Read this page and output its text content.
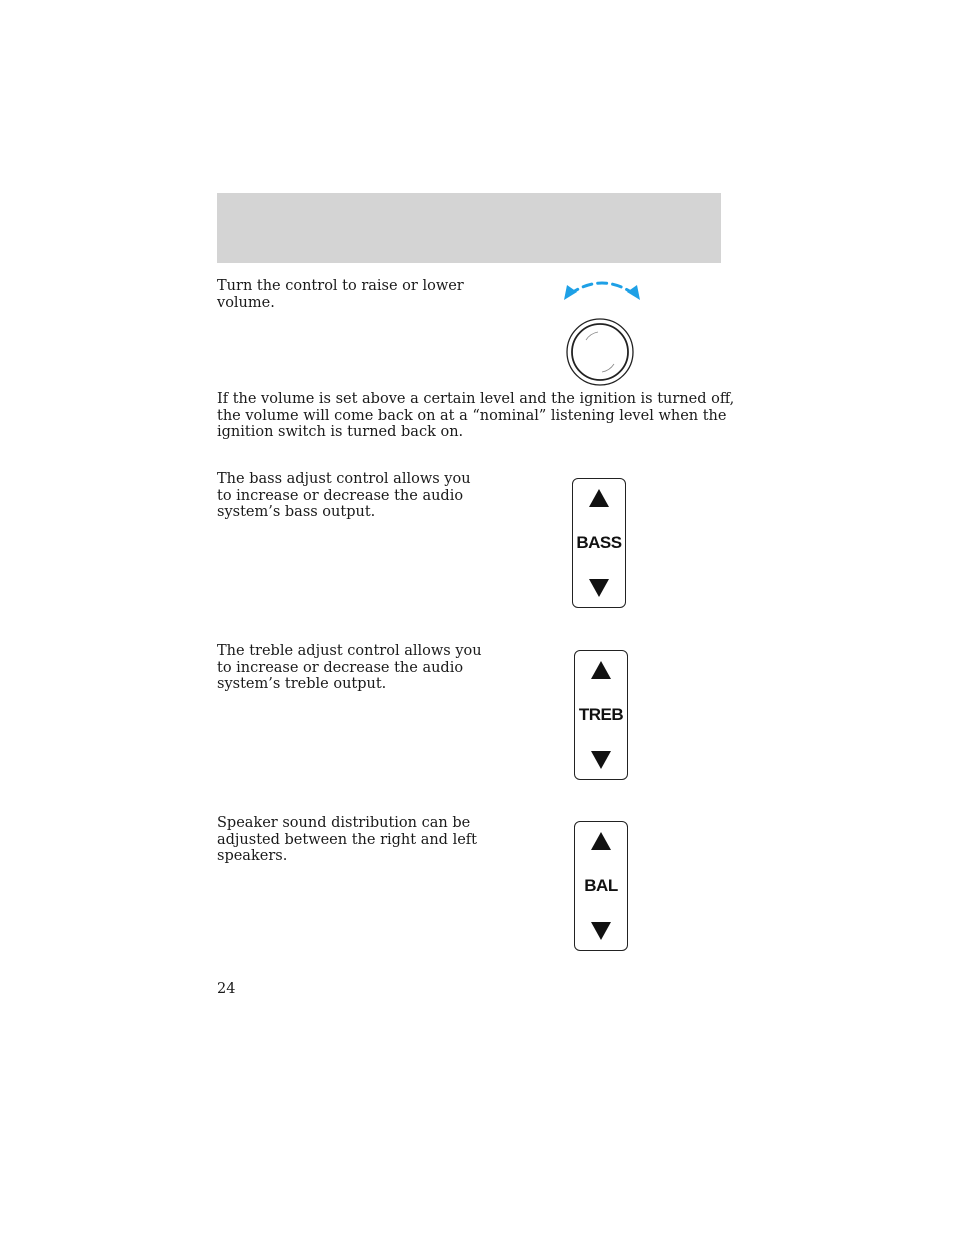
Turn the control to raise or lower
volume.

If the volume is set above a certain level and the ignition is turned off,
the volume will come back on at a “nominal” listening level when the
ignition switch is turned back on.

The bass adjust control allows you
to increase or decrease the audio
system’s bass output.

BASS

The treble adjust control allows you
to increase or decrease the audio
system’s treble output.

TREB

Speaker sound distribution can be
adjusted between the right and left
speakers.

BAL
24
